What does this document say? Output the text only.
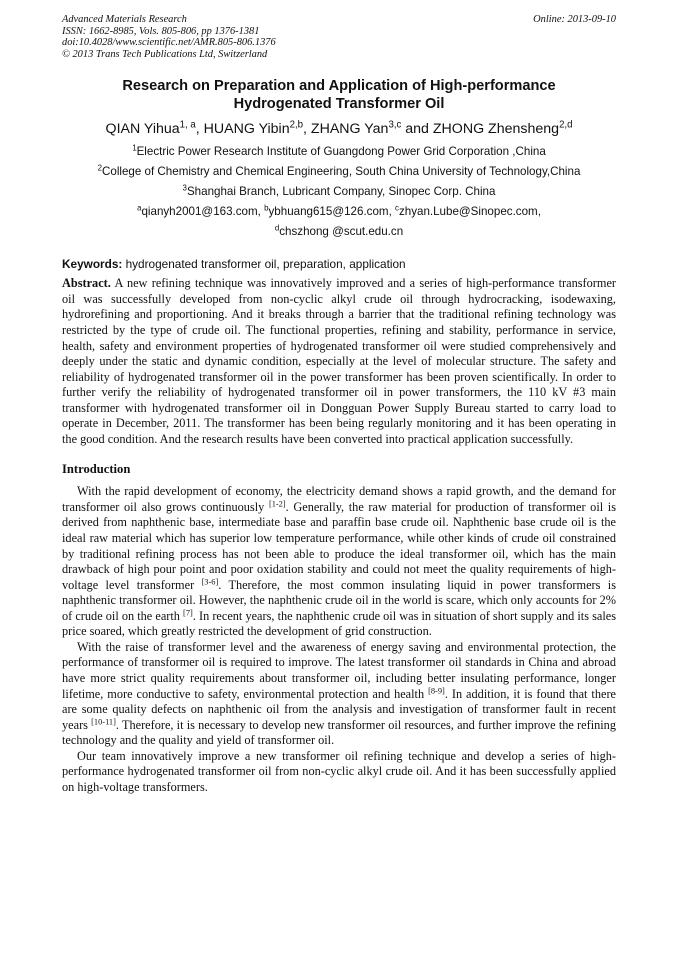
Advanced Materials Research	Online: 2013-09-10
ISSN: 1662-8985, Vols. 805-806, pp 1376-1381
doi:10.4028/www.scientific.net/AMR.805-806.1376
© 2013 Trans Tech Publications Ltd, Switzerland
Research on Preparation and Application of High-performance
Hydrogenated Transformer Oil
QIAN Yihua$^{1, a}$, HUANG Yibin$^{2,b}$, ZHANG Yan$^{3,c}$ and ZHONG Zhensheng$^{2,d}$
$^1$Electric Power Research Institute of Guangdong Power Grid Corporation ,China
$^2$College of Chemistry and Chemical Engineering, South China University of Technology,China
$^3$Shanghai Branch, Lubricant Company, Sinopec Corp. China
$^a$qianyh2001@163.com, $^b$ybhuang615@126.com, $^c$zhyan.Lube@Sinopec.com,
$^d$chszhong @scut.edu.cn
Keywords: hydrogenated transformer oil, preparation, application

Abstract. A new refining technique was innovatively improved and a series of high-performance transformer oil was successfully developed from non-cyclic alkyl crude oil through hydrocracking, isodewaxing, hydrorefining and proportioning. And it breaks through a barrier that the traditional refining technology was restricted by the type of crude oil. The functional properties, refining and stability, performance in service, health, safety and environment properties of hydrogenated transformer oil were studied comprehensively and deeply under the static and dynamic condition, especially at the level of molecular structure. The safety and reliability of hydrogenated transformer oil in the power transformer has been proven scientifically. In order to further verify the reliability of hydrogenated transformer oil in power transformers, the 110 kV #3 main transformer with hydrogenated transformer oil in Dongguan Power Supply Bureau started to carry load to operate in December, 2011. The transformer has been being regularly monitoring and it has been operating in the good condition. And the research results have been converted into practical application successfully.

Introduction

With the rapid development of economy, the electricity demand shows a rapid growth, and the demand for transformer oil also grows continuously [1-2]. Generally, the raw material for production of transformer oil is derived from naphthenic base, intermediate base and paraffin base crude oil. Naphthenic base crude oil is the ideal raw material which has superior low temperature performance, while other kinds of crude oil constrained by traditional refining process has not been able to produce the ideal transformer oil, which has the main drawback of high pour point and poor oxidation stability and could not meet the quality requirements of high-voltage level transformer [3-6]. Therefore, the most common insulating liquid in power transformers is naphthenic transformer oil. However, the naphthenic crude oil in the world is scare, which only accounts for 2% of crude oil on the earth [7]. In recent years, the naphthenic crude oil was in situation of short supply and its sales price soared, which greatly restricted the development of grid construction.

With the raise of transformer level and the awareness of energy saving and environmental protection, the performance of transformer oil is required to improve. The latest transformer oil standards in China and abroad have more strict quality requirements about transformer oil, including better insulating performance, longer lifetime, more conductive to safety, environmental protection and health [8-9]. In addition, it is found that there are some quality defects on naphthenic oil from the analysis and investigation of transformer fault in recent years [10-11]. Therefore, it is necessary to develop new transformer oil resources, and further improve the refining technology and the quality and yield of transformer oil.

Our team innovatively improve a new transformer oil refining technique and develop a series of high-performance hydrogenated transformer oil from non-cyclic alkyl crude oil. And it has been successfully applied on high-voltage transformers.
